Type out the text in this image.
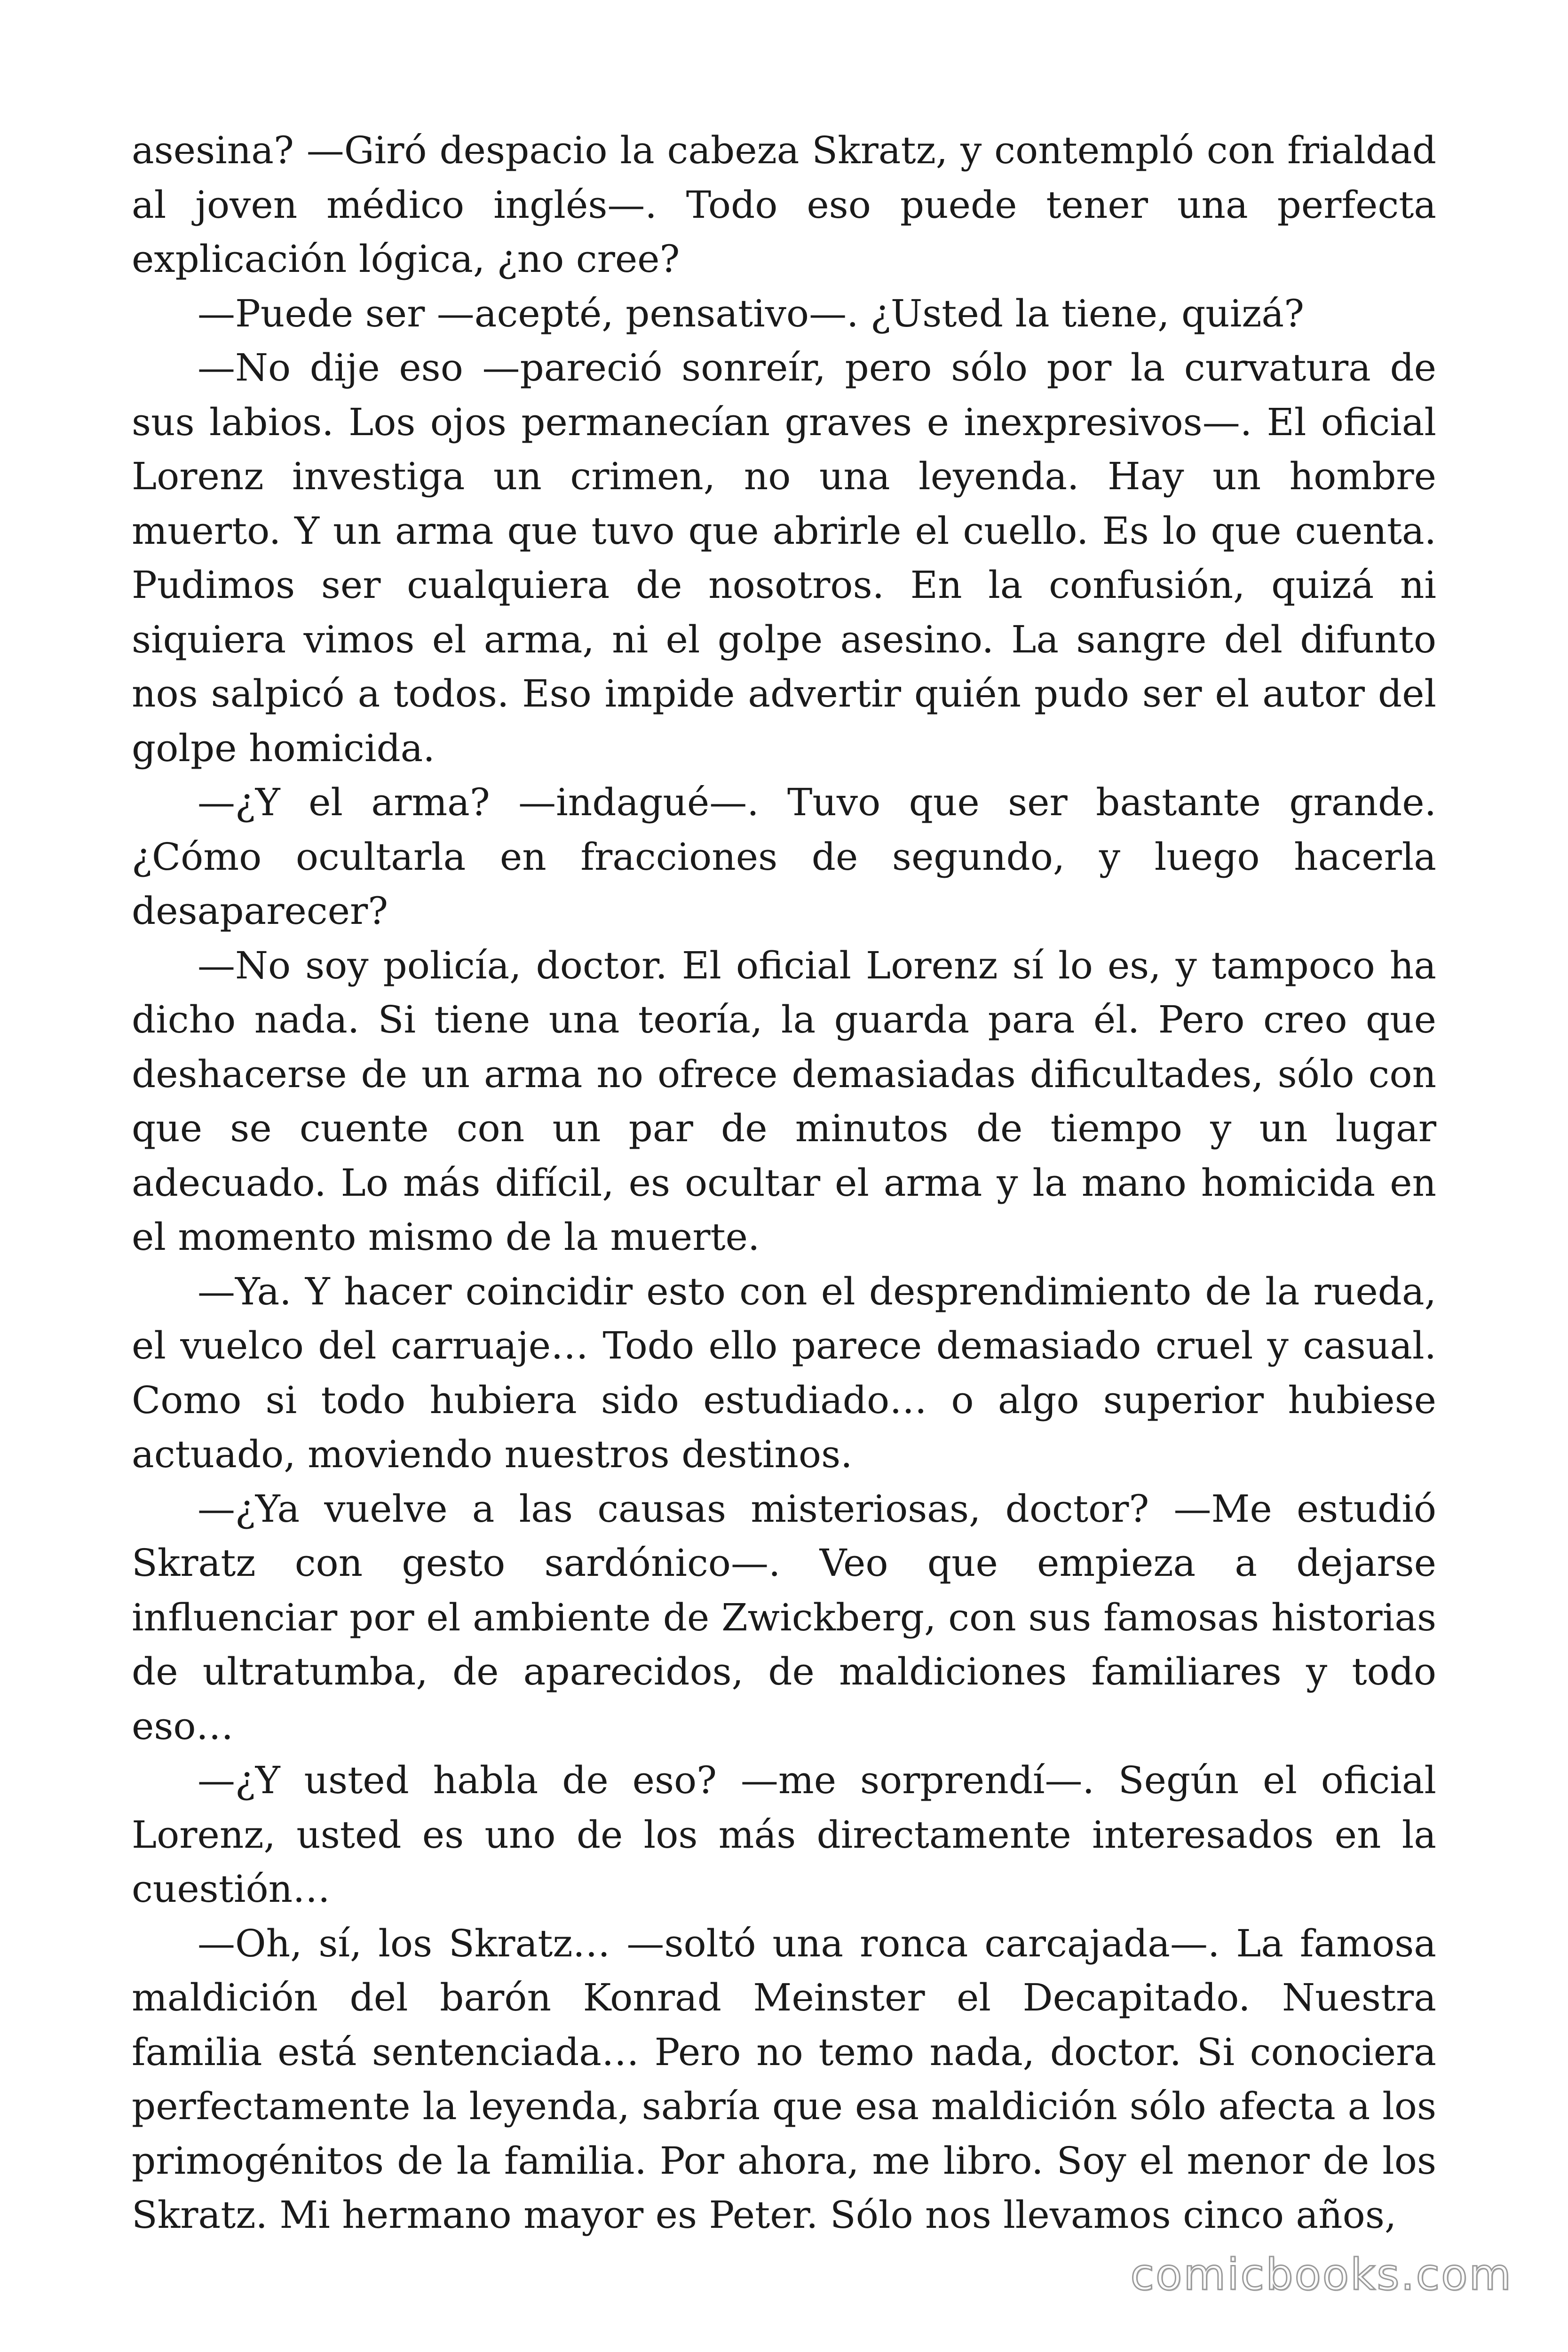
asesina? —Giró despacio la cabeza Skratz, y contempló con frialdad al joven médico inglés—. Todo eso puede tener una perfecta explicación lógica, ¿no cree?

—Puede ser —acepté, pensativo—. ¿Usted la tiene, quizá?

—No dije eso —pareció sonreír, pero sólo por la curvatura de sus labios. Los ojos permanecían graves e inexpresivos—. El oficial Lorenz investiga un crimen, no una leyenda. Hay un hombre muerto. Y un arma que tuvo que abrirle el cuello. Es lo que cuenta. Pudimos ser cualquiera de nosotros. En la confusión, quizá ni siquiera vimos el arma, ni el golpe asesino. La sangre del difunto nos salpicó a todos. Eso impide advertir quién pudo ser el autor del golpe homicida.

—¿Y el arma? —indagué—. Tuvo que ser bastante grande. ¿Cómo ocultarla en fracciones de segundo, y luego hacerla desaparecer?

—No soy policía, doctor. El oficial Lorenz sí lo es, y tampoco ha dicho nada. Si tiene una teoría, la guarda para él. Pero creo que deshacerse de un arma no ofrece demasiadas dificultades, sólo con que se cuente con un par de minutos de tiempo y un lugar adecuado. Lo más difícil, es ocultar el arma y la mano homicida en el momento mismo de la muerte.

—Ya. Y hacer coincidir esto con el desprendimiento de la rueda, el vuelco del carruaje… Todo ello parece demasiado cruel y casual. Como si todo hubiera sido estudiado… o algo superior hubiese actuado, moviendo nuestros destinos.

—¿Ya vuelve a las causas misteriosas, doctor? —Me estudió Skratz con gesto sardónico—. Veo que empieza a dejarse influenciar por el ambiente de Zwickberg, con sus famosas historias de ultratumba, de aparecidos, de maldiciones familiares y todo eso…

—¿Y usted habla de eso? —me sorprendí—. Según el oficial Lorenz, usted es uno de los más directamente interesados en la cuestión…

—Oh, sí, los Skratz… —soltó una ronca carcajada—. La famosa maldición del barón Konrad Meinster el Decapitado. Nuestra familia está sentenciada… Pero no temo nada, doctor. Si conociera perfectamente la leyenda, sabría que esa maldición sólo afecta a los primogénitos de la familia. Por ahora, me libro. Soy el menor de los Skratz. Mi hermano mayor es Peter. Sólo nos llevamos cinco años,

comicbooks.com
